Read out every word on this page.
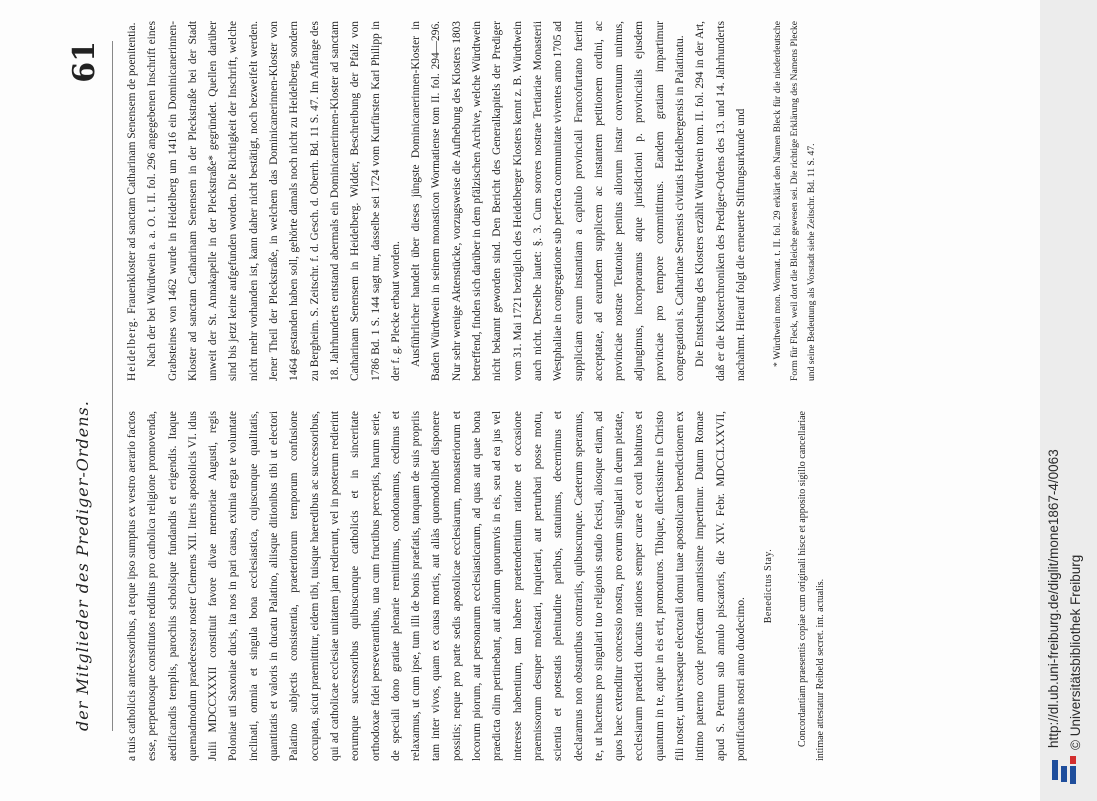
der Mitglieder des Prediger-Ordens.
61

a tuis catholicis antecessoribus, a teque ipso sumptus ex vestro aerario factos esse, perpetuosque constitutos redditus pro catholica religione promovenda, aedificandis templis, parochiis scholisque fundandis et erigendis. Itaque quemadmodum praedecessor noster Clemens XII. literis apostolicis VI. idus Julii MDCCXXXII constituit favore divae memoriae Augusti, regis Poloniae uti Saxoniae ducis, ita nos in pari causa, eximia erga te voluntate inclinati, omnia et singula bona ecclesiastica, cujuscunque qualitatis, quantitatis et valoris in ducatu Palatino, aliisque ditionibus tibi ut electori Palatino subjectis consistentia, praeteritorum temporum confusione occupata, sicut praemittitur, eidem tibi, tuisque haeredibus ac successoribus, qui ad catholicae ecclesiae unitatem jam redierunt, vel in posterum redierint eorumque successoribus quibuscunque catholicis et in sinceritate orthodoxae fidei perseverantibus, una cum fructibus perceptis, harum serie, de speciali dono gratiae plenarie remittimus, condonamus, cedimus et relaxamus, ut cum ipse, tum illi de bonis praefatis, tanquam de suis propriis tam inter vivos, quam ex causa mortis, aut aliàs quomodolibet disponere possitis; neque pro parte sedis apostolicae ecclesiarum, monasteriorum et locorum piorum, aut personarum ecclesiasticarum, ad quas aut quae bona praedicta olim pertinebant, aut aliorum quorumvis in eis, seu ad ea jus vel interesse habentium, tam habere praetendentium ratione et occasione praemissorum desuper molestari, inquietari, aut perturbari posse motu, scientia et potestatis plenitudine paribus, statuimus, decernimus et declaramus non obstantibus contrariis, quibuscunque. Caeterum speramus, te, ut hactenus pro singulari tuo religionis studio fecisti, aliosque etiam, ad quos haec extenditur concessio nostra, pro eorum singulari in deum pietate, ecclesiarum praedicti ducatus rationes semper curae et cordi habituros et quantum in te, atque in eis erit, promoturos. Tibique, dilectissime in Christo fili noster, universaeque electorali domui tuae apostolicam benedictionem ex intimo paterno corde profectam amantissime impertimur. Datum Romae apud S. Petrum sub annulo piscatoris, die XIV. Febr. MDCCLXXVII, pontificatus nostri anno duodecimo.

Benedictus Stay.	Concordantiam praesentis copiae cum originali hisce et apposito sigillo cancellariae intimae attestatur Reibeld secret. int. actualis.

Heidelberg. Frauenkloster ad sanctam Catharinam Senensem de poenitentia. Nach der bei Würdtwein a. a. O. t. II. fol. 296 angegebenen Inschrift eines Grabsteines von 1462 wurde in Heidelberg um 1416 ein Dominicanerinnen-Kloster ad sanctam Catharinam Senensem in der Pleckstraße bei der Stadt unweit der St. Annakapelle in der Pleckstraße* gegründet. Quellen darüber sind bis jetzt keine aufgefunden worden. Die Richtigkeit der Inschrift, welche nicht mehr vorhanden ist, kann daher nicht bestätigt, noch bezweifelt werden. Jener Theil der Pleckstraße, in welchem das Dominicanerinnen-Kloster von 1464 gestanden haben soll, gehörte damals noch nicht zu Heidelberg, sondern zu Bergheim. S. Zeitschr. f. d. Gesch. d. Oberrh. Bd. 11 S. 47. Im Anfange des 18. Jahrhunderts entstand abermals ein Dominicanerinnen-Kloster ad sanctam Catharinam Senensem in Heidelberg. Widder, Beschreibung der Pfalz von 1786 Bd. 1 S. 144 sagt nur, dasselbe sei 1724 vom Kurfürsten Karl Philipp in der f. g. Plecke erbaut worden. Ausführlicher handelt über dieses jüngste Dominicanerinnen-Kloster in Baden Würdtwein in seinem monasticon Wormatiense tom II. fol. 294—296. Nur sehr wenige Aktenstücke, vorzugsweise die Aufhebung des Klosters 1803 betreffend, finden sich darüber in dem pfälzischen Archive, welche Würdtwein nicht bekannt geworden sind. Den Bericht des Generalkapitels der Prediger vom 31. Mai 1721 bezüglich des Heidelberger Klosters kennt z. B. Würdtwein auch nicht. Derselbe lautet: §. 3. Cum sorores nostrae Tertiariae Monasterii Westphaliae in congregatione sub perfecta communitate viventes anno 1705 ad suppliciam earum instantiam a capitulo provinciali Francofurtano fuerint acceptatae, ad earundem supplicem ac instantem petitionem ordini, ac provinciae nostrae Teutoniae penitus aliorum instar conventuum unimus, adjungimus, incorporamus atque jurisdictioni p. provincialis ejusdem provinciae pro tempore committimus. Eandem gratiam impartimur congregationi s. Catharinae Senensis civitatis Heidelbergensis in Palatinatu. Die Entstehung des Klosters erzählt Würdtwein tom. II. fol. 294 in der Art, daß er die Klosterchroniken des Prediger-Ordens des 13. und 14. Jahrhunderts nachahmt. Hierauf folgt die erneuerte Stiftungsurkunde und	* Würdtwein mon. Wormat. t. II. fol. 29 erklärt den Namen Bleck für die niederdeutsche Form für Fleck, weil dort die Bleiche gewesen sei. Die richtige Erklärung des Namens Plecke und seine Bedeutung als Vorstadt siehe Zeitschr. Bd. 11 S. 47.

http://dl.ub.uni-freiburg.de/diglit/mone1867-4/0063 © Universitätsbibliothek Freiburg
